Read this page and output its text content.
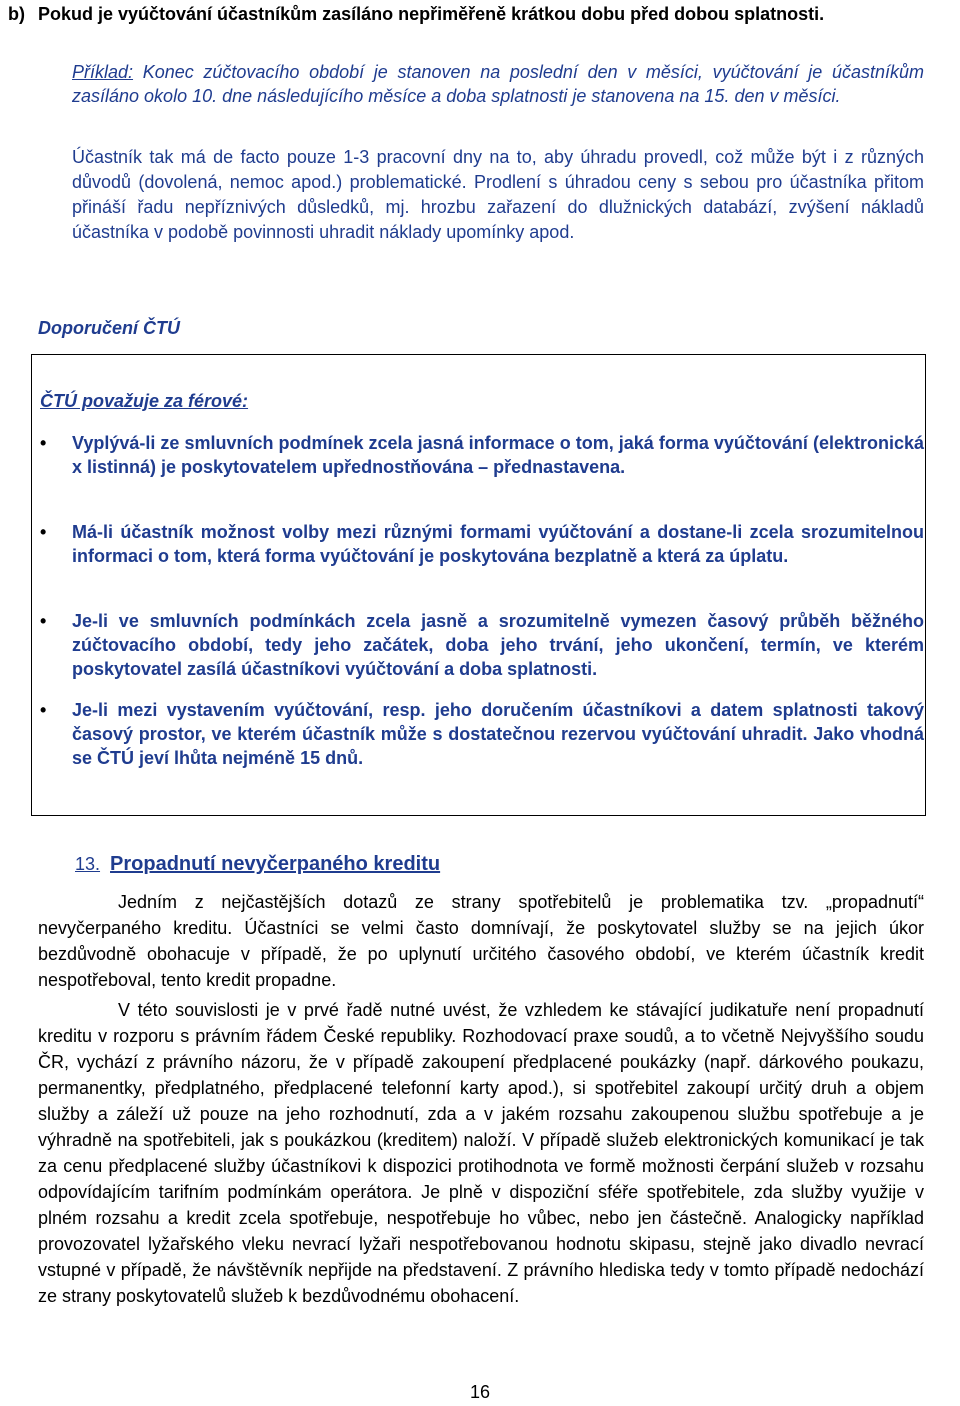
b) Pokud je vyúčtování účastníkům zasíláno nepřiměřeně krátkou dobu před dobou splatnosti.
Příklad: Konec zúčtovacího období je stanoven na poslední den v měsíci, vyúčtování je účastníkům zasíláno okolo 10. dne následujícího měsíce a doba splatnosti je stanovena na 15. den v měsíci.
Účastník tak má de facto pouze 1-3 pracovní dny na to, aby úhradu provedl, což může být i z různých důvodů (dovolená, nemoc apod.) problematické. Prodlení s úhradou ceny s sebou pro účastníka přitom přináší řadu nepříznivých důsledků, mj. hrozbu zařazení do dlužnických databází, zvýšení nákladů účastníka v podobě povinnosti uhradit náklady upomínky apod.
Doporučení ČTÚ
ČTÚ považuje za férové:
• Vyplývá-li ze smluvních podmínek zcela jasná informace o tom, jaká forma vyúčtování (elektronická x listinná) je poskytovatelem upřednostňována – přednastavena.
• Má-li účastník možnost volby mezi různými formami vyúčtování a dostane-li zcela srozumitelnou informaci o tom, která forma vyúčtování je poskytována bezplatně a která za úplatu.
• Je-li ve smluvních podmínkách zcela jasně a srozumitelně vymezen časový průběh běžného zúčtovacího období, tedy jeho začátek, doba jeho trvání, jeho ukončení, termín, ve kterém poskytovatel zasílá účastníkovi vyúčtování a doba splatnosti.
• Je-li mezi vystavením vyúčtování, resp. jeho doručením účastníkovi a datem splatnosti takový časový prostor, ve kterém účastník může s dostatečnou rezervou vyúčtování uhradit. Jako vhodná se ČTÚ jeví lhůta nejméně 15 dnů.
13. Propadnutí nevyčerpaného kreditu
Jedním z nejčastějších dotazů ze strany spotřebitelů je problematika tzv. „propadnutí“ nevyčerpaného kreditu. Účastníci se velmi často domnívají, že poskytovatel služby se na jejich úkor bezdůvodně obohacuje v případě, že po uplynutí určitého časového období, ve kterém účastník kredit nespotřeboval, tento kredit propadne.
V této souvislosti je v prvé řadě nutné uvést, že vzhledem ke stávající judikatuře není propadnutí kreditu v rozporu s právním řádem České republiky. Rozhodovací praxe soudů, a to včetně Nejvyššího soudu ČR, vychází z právního názoru, že v případě zakoupení předplacené poukázky (např. dárkového poukazu, permanentky, předplatného, předplacené telefonní karty apod.), si spotřebitel zakoupí určitý druh a objem služby a záleží už pouze na jeho rozhodnutí, zda a v jakém rozsahu zakoupenou službu spotřebuje a je výhradně na spotřebiteli, jak s poukázkou (kreditem) naloží. V případě služeb elektronických komunikací je tak za cenu předplacené služby účastníkovi k dispozici protihodnota ve formě možnosti čerpání služeb v rozsahu odpovídajícím tarifním podmínkám operátora. Je plně v dispoziční sféře spotřebitele, zda služby využije v plném rozsahu a kredit zcela spotřebuje, nespotřebuje ho vůbec, nebo jen částečně. Analogicky například provozovatel lyžařského vleku nevrací lyžaři nespotřebovanou hodnotu skipasu, stejně jako divadlo nevrací vstupné v případě, že návštěvník nepřijde na představení. Z právního hlediska tedy v tomto případě nedochází ze strany poskytovatelů služeb k bezdůvodnému obohacení.
16
